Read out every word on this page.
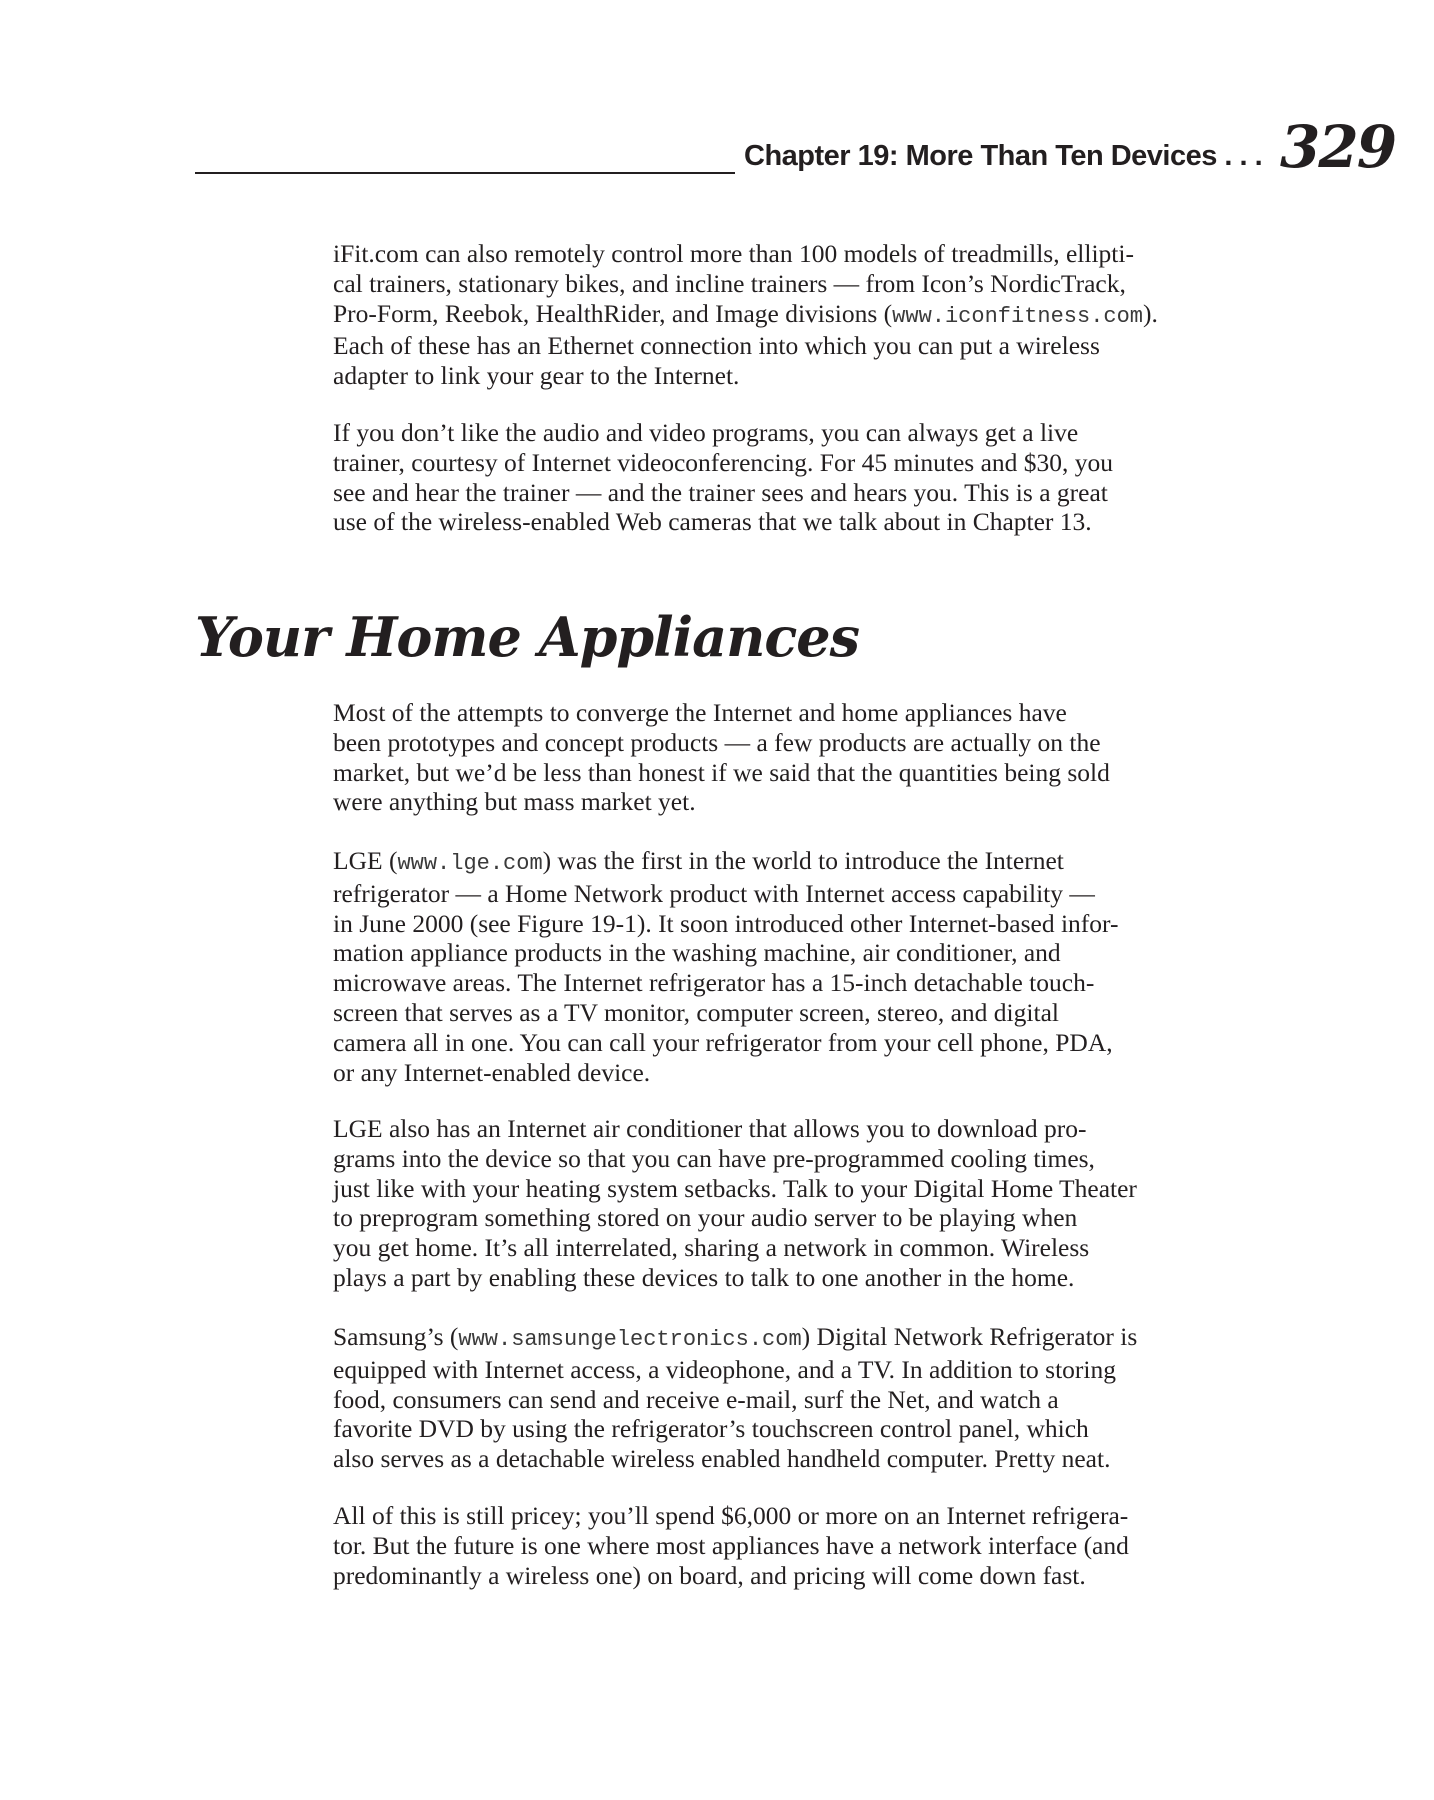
Chapter 19: More Than Ten Devices . . . 329
iFit.com can also remotely control more than 100 models of treadmills, ellipti-
cal trainers, stationary bikes, and incline trainers — from Icon’s NordicTrack,
Pro-Form, Reebok, HealthRider, and Image divisions (www.iconfitness.com).
Each of these has an Ethernet connection into which you can put a wireless
adapter to link your gear to the Internet.
If you don’t like the audio and video programs, you can always get a live
trainer, courtesy of Internet videoconferencing. For 45 minutes and $30, you
see and hear the trainer — and the trainer sees and hears you. This is a great
use of the wireless-enabled Web cameras that we talk about in Chapter 13.
Your Home Appliances
Most of the attempts to converge the Internet and home appliances have
been prototypes and concept products — a few products are actually on the
market, but we’d be less than honest if we said that the quantities being sold
were anything but mass market yet.
LGE (www.lge.com) was the first in the world to introduce the Internet
refrigerator — a Home Network product with Internet access capability —
in June 2000 (see Figure 19-1). It soon introduced other Internet-based infor-
mation appliance products in the washing machine, air conditioner, and
microwave areas. The Internet refrigerator has a 15-inch detachable touch-
screen that serves as a TV monitor, computer screen, stereo, and digital
camera all in one. You can call your refrigerator from your cell phone, PDA,
or any Internet-enabled device.
LGE also has an Internet air conditioner that allows you to download pro-
grams into the device so that you can have pre-programmed cooling times,
just like with your heating system setbacks. Talk to your Digital Home Theater
to preprogram something stored on your audio server to be playing when
you get home. It’s all interrelated, sharing a network in common. Wireless
plays a part by enabling these devices to talk to one another in the home.
Samsung’s (www.samsungelectronics.com) Digital Network Refrigerator is
equipped with Internet access, a videophone, and a TV. In addition to storing
food, consumers can send and receive e-mail, surf the Net, and watch a
favorite DVD by using the refrigerator’s touchscreen control panel, which
also serves as a detachable wireless enabled handheld computer. Pretty neat.
All of this is still pricey; you’ll spend $6,000 or more on an Internet refrigera-
tor. But the future is one where most appliances have a network interface (and
predominantly a wireless one) on board, and pricing will come down fast.
